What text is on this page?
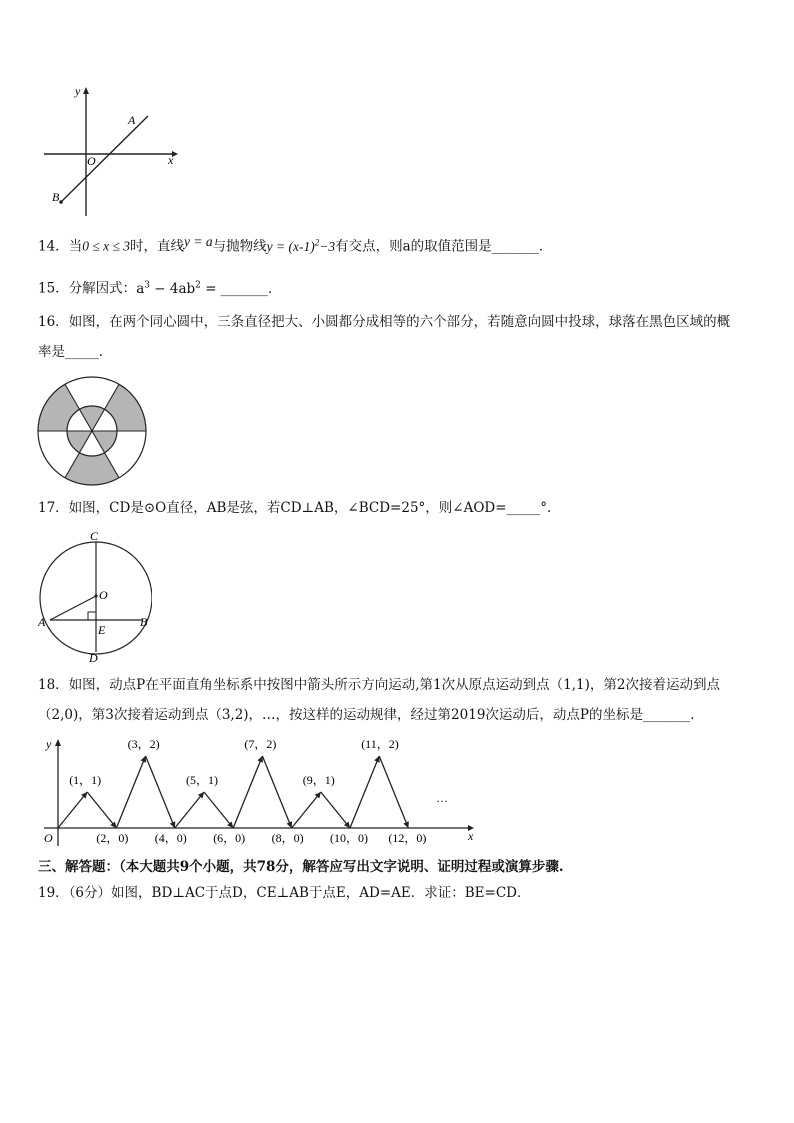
y
x
O
A
B
14．当0 ≤ x ≤ 3时，直线y = a与抛物线$y = (x-1)^2-3$有交点，则a的取值范围是_______．
15．分解因式：$a^3 - 4ab^2$ = _______．
16．如图，在两个同心圆中，三条直径把大、小圆都分成相等的六个部分，若随意向圆中投球，球落在黑色区域的概
率是_____．
17．如图，CD是⊙O直径，AB是弦，若CD⊥AB，∠BCD=25°，则∠AOD=_____°．
C
O
A	B
E
D
18．如图，动点P在平面直角坐标系中按图中箭头所示方向运动,第1次从原点运动到点（1,1)，第2次接着运动到点
（2,0)，第3次接着运动到点（3,2)，…，按这样的运动规律，经过第2019次运动后，动点P的坐标是_______．
y
x
O
…
(1，1)
(3，2)
(5，1)
(7，2)
(9，1)
(11，2)
(2，0) (4，0) (6，0) (8，0) (10，0) (12，0)
三、解答题：（本大题共9个小题，共78分，解答应写出文字说明、证明过程或演算步骤.
19．（6分）如图，BD⊥AC于点D，CE⊥AB于点E，AD=AE．求证：BE=CD．
